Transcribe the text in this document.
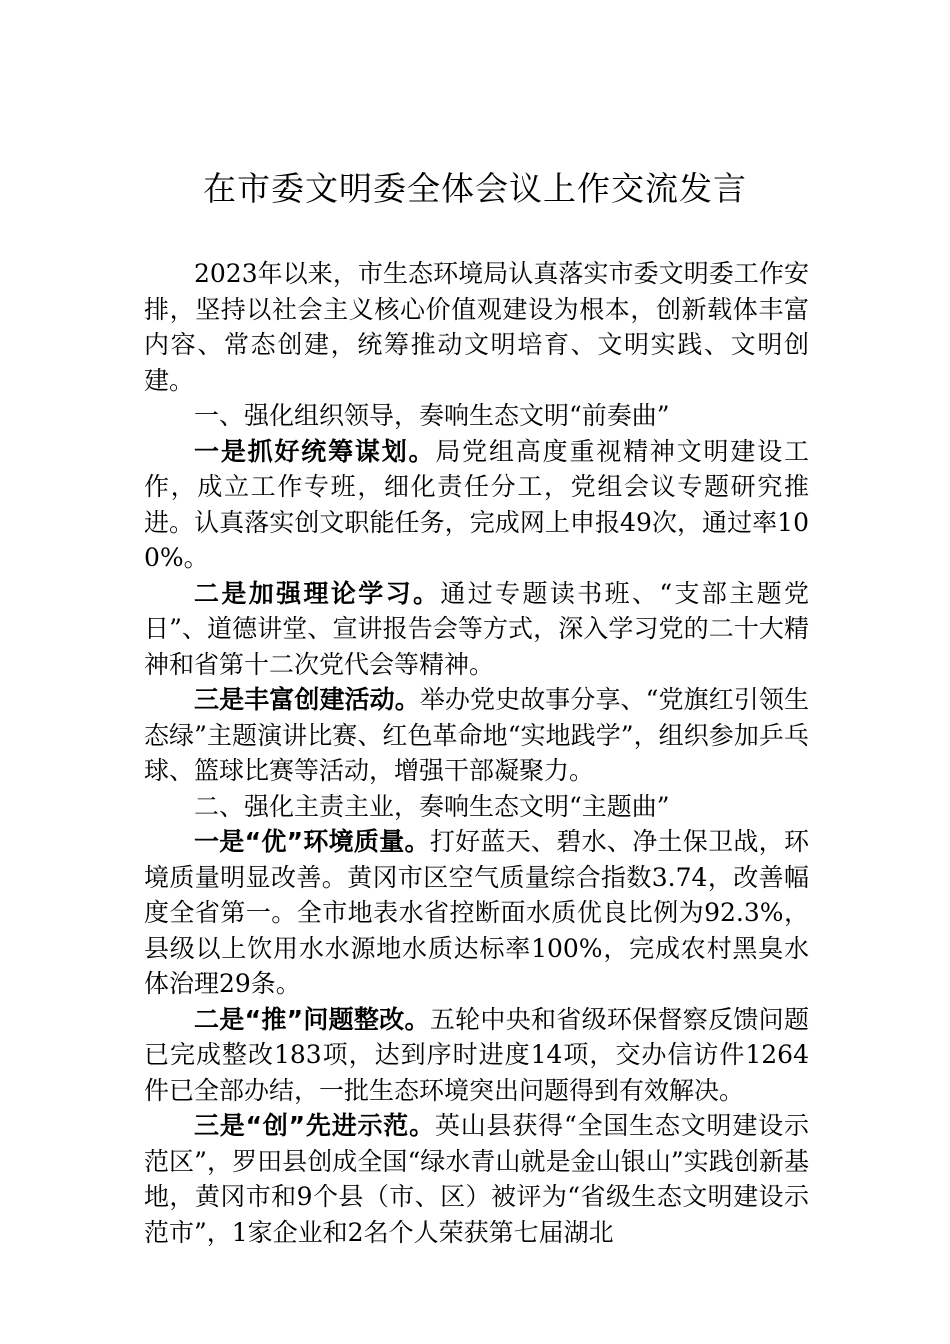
在市委文明委全体会议上作交流发言

2023年以来，市生态环境局认真落实市委文明委工作安排，坚持以社会主义核心价值观建设为根本，创新载体丰富内容、常态创建，统筹推动文明培育、文明实践、文明创建。

一、强化组织领导，奏响生态文明“前奏曲”

一是抓好统筹谋划。局党组高度重视精神文明建设工作，成立工作专班，细化责任分工，党组会议专题研究推进。认真落实创文职能任务，完成网上申报49次，通过率100%。

二是加强理论学习。通过专题读书班、“支部主题党日”、道德讲堂、宣讲报告会等方式，深入学习党的二十大精神和省第十二次党代会等精神。

三是丰富创建活动。举办党史故事分享、“党旗红引领生态绿”主题演讲比赛、红色革命地“实地践学”，组织参加乒乓球、篮球比赛等活动，增强干部凝聚力。

二、强化主责主业，奏响生态文明“主题曲”

一是“优”环境质量。打好蓝天、碧水、净土保卫战，环境质量明显改善。黄冈市区空气质量综合指数3.74，改善幅度全省第一。全市地表水省控断面水质优良比例为92.3%，县级以上饮用水水源地水质达标率100%，完成农村黑臭水体治理29条。

二是“推”问题整改。五轮中央和省级环保督察反馈问题已完成整改183项，达到序时进度14项，交办信访件1264件已全部办结，一批生态环境突出问题得到有效解决。

三是“创”先进示范。英山县获得“全国生态文明建设示范区”，罗田县创成全国“绿水青山就是金山银山”实践创新基地，黄冈市和9个县（市、区）被评为“省级生态文明建设示范市”，1家企业和2名个人荣获第七届湖北
